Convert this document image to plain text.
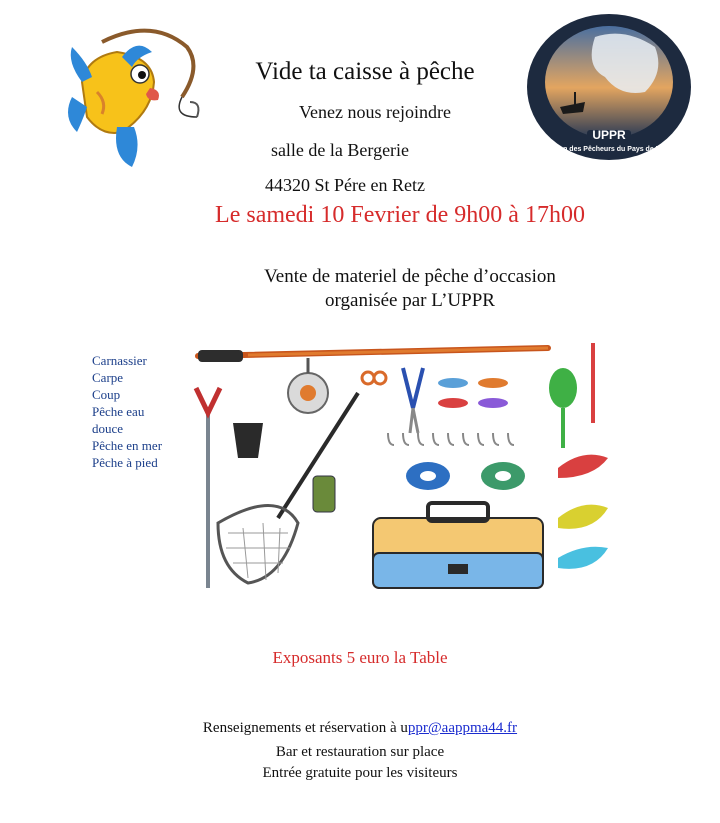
Vide ta caisse à pêche
Venez nous rejoindre
salle de la Bergerie
44320 St Pére en Retz
UPPR
Union des Pêcheurs du Pays de Retz
Le samedi 10 Fevrier de 9h00 à 17h00
Vente de materiel de pêche d’occasion
organisée par L’UPPR
Carnassier
Carpe
Coup
Pêche eau
douce
Pêche en mer
Pêche à pied
Exposants 5 euro la Table
Renseignements et réservation à uppr@aappma44.fr
Bar et restauration sur place
Entrée gratuite pour les visiteurs
